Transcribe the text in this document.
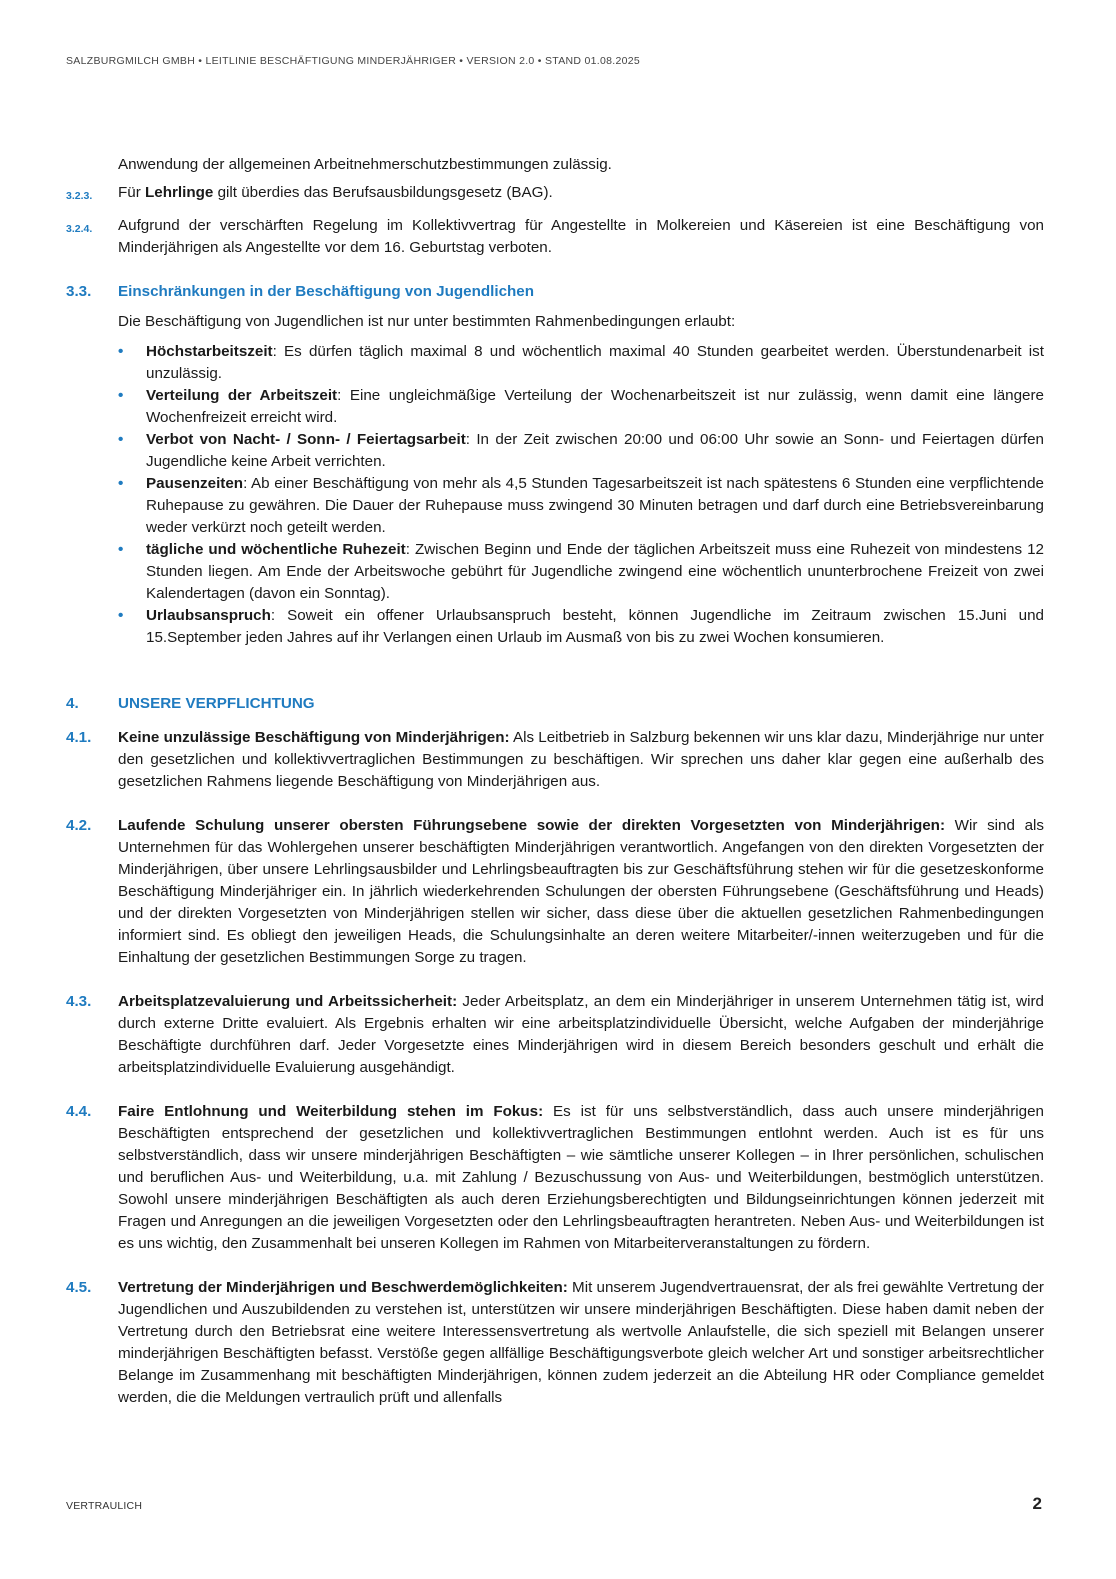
SALZBURGMILCH GMBH • LEITLINIE BESCHÄFTIGUNG MINDERJÄHRIGER • VERSION 2.0 • STAND 01.08.2025
Anwendung der allgemeinen Arbeitnehmerschutzbestimmungen zulässig.
3.2.3. Für Lehrlinge gilt überdies das Berufsausbildungsgesetz (BAG).
3.2.4. Aufgrund der verschärften Regelung im Kollektivvertrag für Angestellte in Molkereien und Käsereien ist eine Beschäftigung von Minderjährigen als Angestellte vor dem 16. Geburtstag verboten.
3.3. Einschränkungen in der Beschäftigung von Jugendlichen
Die Beschäftigung von Jugendlichen ist nur unter bestimmten Rahmenbedingungen erlaubt:
• Höchstarbeitszeit: Es dürfen täglich maximal 8 und wöchentlich maximal 40 Stunden gearbeitet werden. Überstundenarbeit ist unzulässig.
• Verteilung der Arbeitszeit: Eine ungleichmäßige Verteilung der Wochenarbeitszeit ist nur zulässig, wenn damit eine längere Wochenfreizeit erreicht wird.
• Verbot von Nacht- / Sonn- / Feiertagsarbeit: In der Zeit zwischen 20:00 und 06:00 Uhr sowie an Sonn- und Feiertagen dürfen Jugendliche keine Arbeit verrichten.
• Pausenzeiten: Ab einer Beschäftigung von mehr als 4,5 Stunden Tagesarbeitszeit ist nach spätestens 6 Stunden eine verpflichtende Ruhepause zu gewähren. Die Dauer der Ruhepause muss zwingend 30 Minuten betragen und darf durch eine Betriebsvereinbarung weder verkürzt noch geteilt werden.
• tägliche und wöchentliche Ruhezeit: Zwischen Beginn und Ende der täglichen Arbeitszeit muss eine Ruhezeit von mindestens 12 Stunden liegen. Am Ende der Arbeitswoche gebührt für Jugendliche zwingend eine wöchentlich ununterbrochene Freizeit von zwei Kalendertagen (davon ein Sonntag).
• Urlaubsanspruch: Soweit ein offener Urlaubsanspruch besteht, können Jugendliche im Zeitraum zwischen 15.Juni und 15.September jeden Jahres auf ihr Verlangen einen Urlaub im Ausmaß von bis zu zwei Wochen konsumieren.
4.	UNSERE VERPFLICHTUNG
4.1. Keine unzulässige Beschäftigung von Minderjährigen: Als Leitbetrieb in Salzburg bekennen wir uns klar dazu, Minderjährige nur unter den gesetzlichen und kollektivvertraglichen Bestimmungen zu beschäftigen. Wir sprechen uns daher klar gegen eine außerhalb des gesetzlichen Rahmens liegende Beschäftigung von Minderjährigen aus.
4.2. Laufende Schulung unserer obersten Führungsebene sowie der direkten Vorgesetzten von Minderjährigen: Wir sind als Unternehmen für das Wohlergehen unserer beschäftigten Minderjährigen verantwortlich. Angefangen von den direkten Vorgesetzten der Minderjährigen, über unsere Lehrlingsausbilder und Lehrlingsbeauftragten bis zur Geschäftsführung stehen wir für die gesetzeskonforme Beschäftigung Minderjähriger ein. In jährlich wiederkehrenden Schulungen der obersten Führungsebene (Geschäftsführung und Heads) und der direkten Vorgesetzten von Minderjährigen stellen wir sicher, dass diese über die aktuellen gesetzlichen Rahmenbedingungen informiert sind. Es obliegt den jeweiligen Heads, die Schulungsinhalte an deren weitere Mitarbeiter/-innen weiterzugeben und für die Einhaltung der gesetzlichen Bestimmungen Sorge zu tragen.
4.3. Arbeitsplatzevaluierung und Arbeitssicherheit: Jeder Arbeitsplatz, an dem ein Minderjähriger in unserem Unternehmen tätig ist, wird durch externe Dritte evaluiert. Als Ergebnis erhalten wir eine arbeitsplatzindividuelle Übersicht, welche Aufgaben der minderjährige Beschäftigte durchführen darf. Jeder Vorgesetzte eines Minderjährigen wird in diesem Bereich besonders geschult und erhält die arbeitsplatzindividuelle Evaluierung ausgehändigt.
4.4. Faire Entlohnung und Weiterbildung stehen im Fokus: Es ist für uns selbstverständlich, dass auch unsere minderjährigen Beschäftigten entsprechend der gesetzlichen und kollektivvertraglichen Bestimmungen entlohnt werden. Auch ist es für uns selbstverständlich, dass wir unsere minderjährigen Beschäftigten – wie sämtliche unserer Kollegen – in Ihrer persönlichen, schulischen und beruflichen Aus- und Weiterbildung, u.a. mit Zahlung / Bezuschussung von Aus- und Weiterbildungen, bestmöglich unterstützen. Sowohl unsere minderjährigen Beschäftigten als auch deren Erziehungsberechtigten und Bildungseinrichtungen können jederzeit mit Fragen und Anregungen an die jeweiligen Vorgesetzten oder den Lehrlingsbeauftragten herantreten. Neben Aus- und Weiterbildungen ist es uns wichtig, den Zusammenhalt bei unseren Kollegen im Rahmen von Mitarbeiterveranstaltungen zu fördern.
4.5. Vertretung der Minderjährigen und Beschwerdemöglichkeiten: Mit unserem Jugendvertrauensrat, der als frei gewählte Vertretung der Jugendlichen und Auszubildenden zu verstehen ist, unterstützen wir unsere minderjährigen Beschäftigten. Diese haben damit neben der Vertretung durch den Betriebsrat eine weitere Interessensvertretung als wertvolle Anlaufstelle, die sich speziell mit Belangen unserer minderjährigen Beschäftigten befasst. Verstöße gegen allfällige Beschäftigungsverbote gleich welcher Art und sonstiger arbeitsrechtlicher Belange im Zusammenhang mit beschäftigten Minderjährigen, können zudem jederzeit an die Abteilung HR oder Compliance gemeldet werden, die die Meldungen vertraulich prüft und allenfalls
VERTRAULICH	2
